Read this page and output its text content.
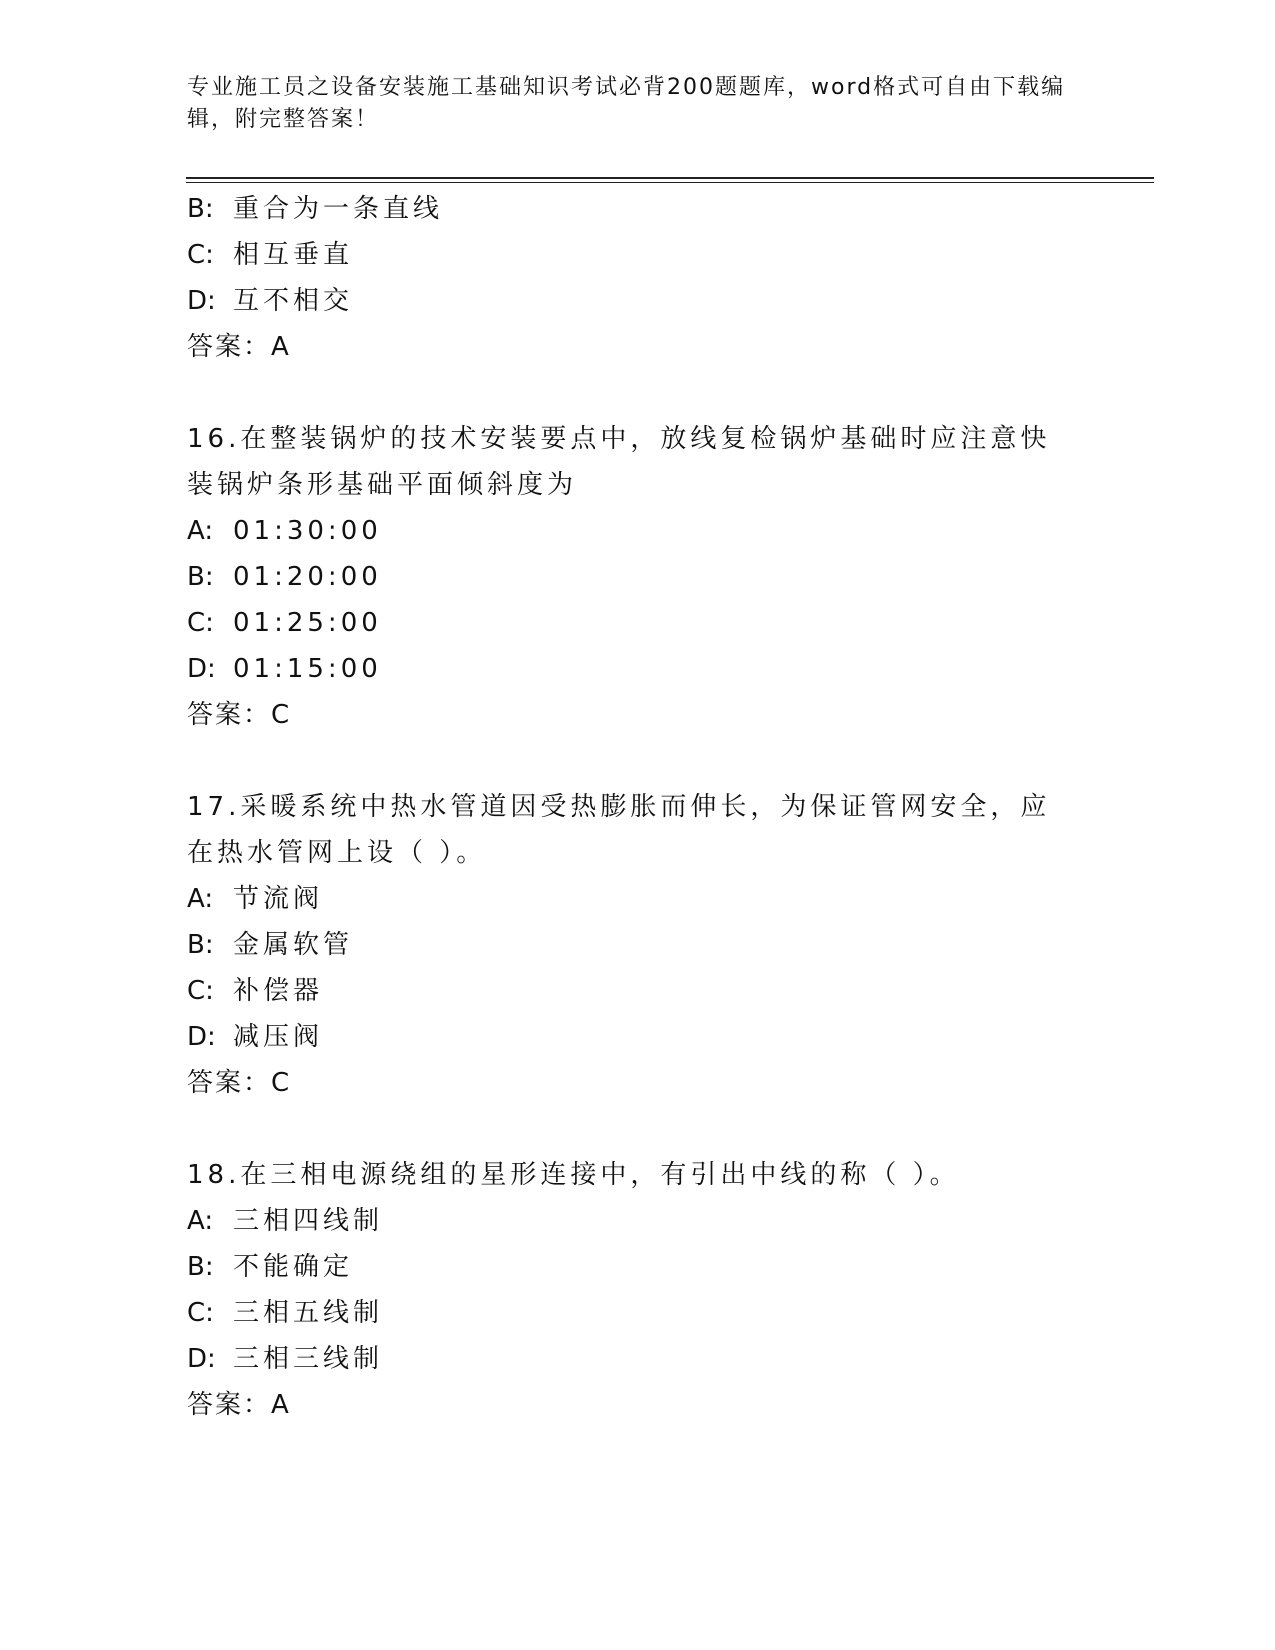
专业施工员之设备安装施工基础知识考试必背200题题库，word格式可自由下载编辑，附完整答案！
B: 重合为一条直线
C: 相互垂直
D: 互不相交
答案：A
16.在整装锅炉的技术安装要点中，放线复检锅炉基础时应注意快装锅炉条形基础平面倾斜度为
A: 01:30:00
B: 01:20:00
C: 01:25:00
D: 01:15:00
答案：C
17.采暖系统中热水管道因受热膨胀而伸长，为保证管网安全，应在热水管网上设（ ）。
A: 节流阀
B: 金属软管
C: 补偿器
D: 减压阀
答案：C
18.在三相电源绕组的星形连接中，有引出中线的称（ ）。
A: 三相四线制
B: 不能确定
C: 三相五线制
D: 三相三线制
答案：A
